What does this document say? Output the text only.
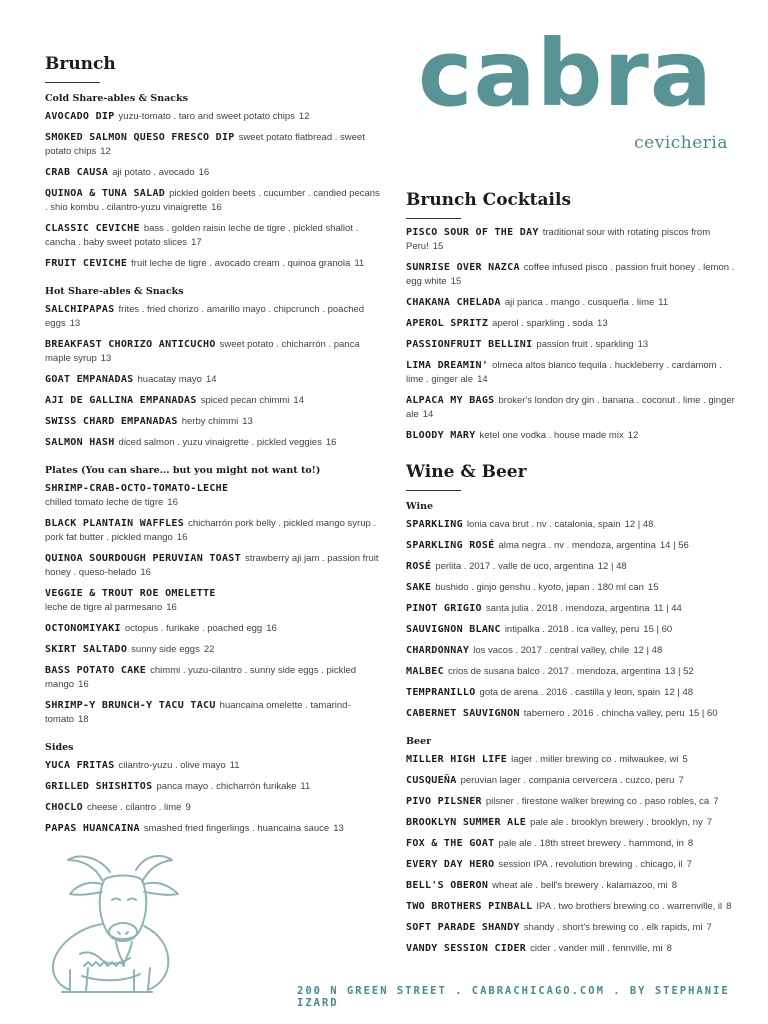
cabra
cevicheria
Brunch
Cold Share-ables & Snacks
AVOCADO DIP yuzu-tomato . taro and sweet potato chips 12
SMOKED SALMON QUESO FRESCO DIP sweet potato flatbread . sweet potato chips 12
CRAB CAUSA aji potato . avocado 16
QUINOA & TUNA SALAD pickled golden beets . cucumber . candied pecans . shio kombu . cilantro-yuzu vinaigrette 16
CLASSIC CEVICHE bass . golden raisin leche de tigre . pickled shallot . cancha . baby sweet potato slices 17
FRUIT CEVICHE fruit leche de tigre . avocado cream . quinoa granola 11
Hot Share-ables & Snacks
SALCHIPAPAS frites . fried chorizo . amarillo mayo . chipcrunch . poached eggs 13
BREAKFAST CHORIZO ANTICUCHO sweet potato . chicharrón . panca maple syrup 13
GOAT EMPANADAS huacatay mayo 14
AJI DE GALLINA EMPANADAS spiced pecan chimmi 14
SWISS CHARD EMPANADAS herby chimmi 13
SALMON HASH diced salmon . yuzu vinaigrette . pickled veggies 16
Plates (You can share... but you might not want to!)
SHRIMP-CRAB-OCTO-TOMATO-LECHE
chilled tomato leche de tigre 16
BLACK PLANTAIN WAFFLES chicharrón pork belly . pickled mango syrup . pork fat butter . pickled mango 16
QUINOA SOURDOUGH PERUVIAN TOAST strawberry aji jam . passion fruit honey . queso-helado 16
VEGGIE & TROUT ROE OMELETTE
leche de tigre al parmesano 16
OCTONOMIYAKI octopus . furikake . poached egg 16
SKIRT SALTADO sunny side eggs 22
BASS POTATO CAKE chimmi . yuzu-cilantro . sunny side eggs . pickled mango 16
SHRIMP-Y BRUNCH-Y TACU TACU huancaina omelette . tamarind-tomato 18
Sides
YUCA FRITAS cilantro-yuzu . olive mayo 11
GRILLED SHISHITOS panca mayo . chicharrón furikake 11
CHOCLO cheese . cilantro . lime 9
PAPAS HUANCAINA smashed fried fingerlings . huancaina sauce 13
Brunch Cocktails
PISCO SOUR OF THE DAY traditional sour with rotating piscos from Peru! 15
SUNRISE OVER NAZCA coffee infused pisco . passion fruit honey . lemon . egg white 15
CHAKANA CHELADA aji panca . mango . cusqueña . lime 11
APEROL SPRITZ aperol . sparkling . soda 13
PASSIONFRUIT BELLINI passion fruit . sparkling 13
LIMA DREAMIN' olmeca altos blanco tequila . huckleberry . cardamom . lime . ginger ale 14
ALPACA MY BAGS broker's london dry gin . banana . coconut . lime . ginger ale 14
BLOODY MARY ketel one vodka . house made mix 12
Wine & Beer
Wine
SPARKLING lonia cava brut . nv . catalonia, spain 12 | 48
SPARKLING ROSÉ alma negra . nv . mendoza, argentina 14 | 56
ROSÉ perlita . 2017 . valle de uco, argentina 12 | 48
SAKE bushido . ginjo genshu . kyoto, japan . 180 ml can 15
PINOT GRIGIO santa julia . 2018 . mendoza, argentina 11 | 44
SAUVIGNON BLANC intipalka . 2018 . ica valley, peru 15 | 60
CHARDONNAY los vacos . 2017 . central valley, chile 12 | 48
MALBEC crios de susana balco . 2017 . mendoza, argentina 13 | 52
TEMPRANILLO gota de arena . 2016 . castilla y leon, spain 12 | 48
CABERNET SAUVIGNON tabernero . 2016 . chincha valley, peru 15 | 60
Beer
MILLER HIGH LIFE lager . miller brewing co . milwaukee, wi 5
CUSQUEÑA peruvian lager . compania cervercera . cuzco, peru 7
PIVO PILSNER pilsner . firestone walker brewing co . paso robles, ca 7
BROOKLYN SUMMER ALE pale ale . brooklyn brewery . brooklyn, ny 7
FOX & THE GOAT pale ale . 18th street brewery . hammond, in 8
EVERY DAY HERO session IPA . revolution brewing . chicago, il 7
BELL'S OBERON wheat ale . bell's brewery . kalamazoo, mi 8
TWO BROTHERS PINBALL IPA . two brothers brewing co . warrenville, il 8
SOFT PARADE SHANDY shandy . short's brewing co . elk rapids, mi 7
VANDY SESSION CIDER cider . vander mill . fennville, mi 8
200 N GREEN STREET . CABRACHICAGO.COM . BY STEPHANIE IZARD
